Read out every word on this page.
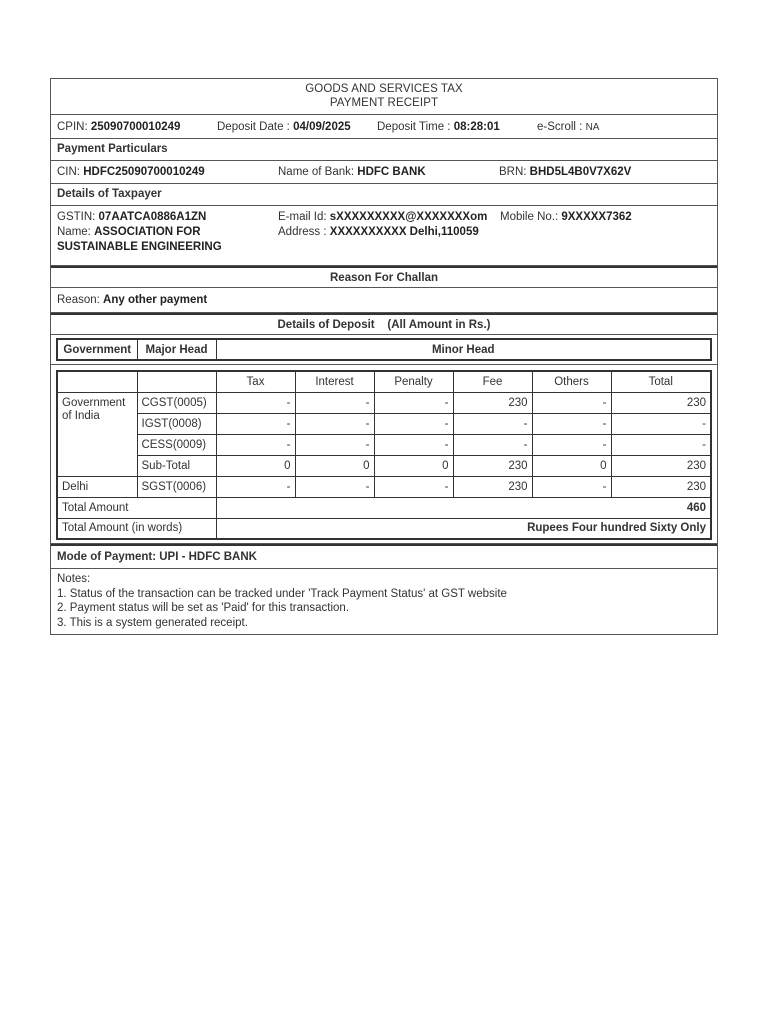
GOODS AND SERVICES TAX
PAYMENT RECEIPT
CPIN: 25090700010249	Deposit Date : 04/09/2025	Deposit Time : 08:28:01	e-Scroll : NA
Payment Particulars
CIN: HDFC25090700010249	Name of Bank: HDFC BANK	BRN: BHD5L4B0V7X62V
Details of Taxpayer
GSTIN: 07AATCA0886A1ZN
Name: ASSOCIATION FOR
SUSTAINABLE ENGINEERING
E-mail Id: sXXXXXXXXX@XXXXXXXom
Address : XXXXXXXXXX Delhi,110059
Mobile No.: 9XXXXX7362
Reason For Challan
Reason: Any other payment
Details of Deposit    (All Amount in Rs.)
Government	Major Head	Minor Head
		Tax	Interest	Penalty	Fee	Others	Total
Government of India	CGST(0005)	-	-	-	230	-	230
	IGST(0008)	-	-	-	-	-	-
	CESS(0009)	-	-	-	-	-	-
	Sub-Total	0	0	0	230	0	230
Delhi	SGST(0006)	-	-	-	230	-	230
Total Amount		460					
Total Amount (in words)		Rupees Four hundred Sixty Only					
Mode of Payment: UPI - HDFC BANK
Notes:
1. Status of the transaction can be tracked under 'Track Payment Status' at GST website
2. Payment status will be set as 'Paid' for this transaction.
3. This is a system generated receipt.
